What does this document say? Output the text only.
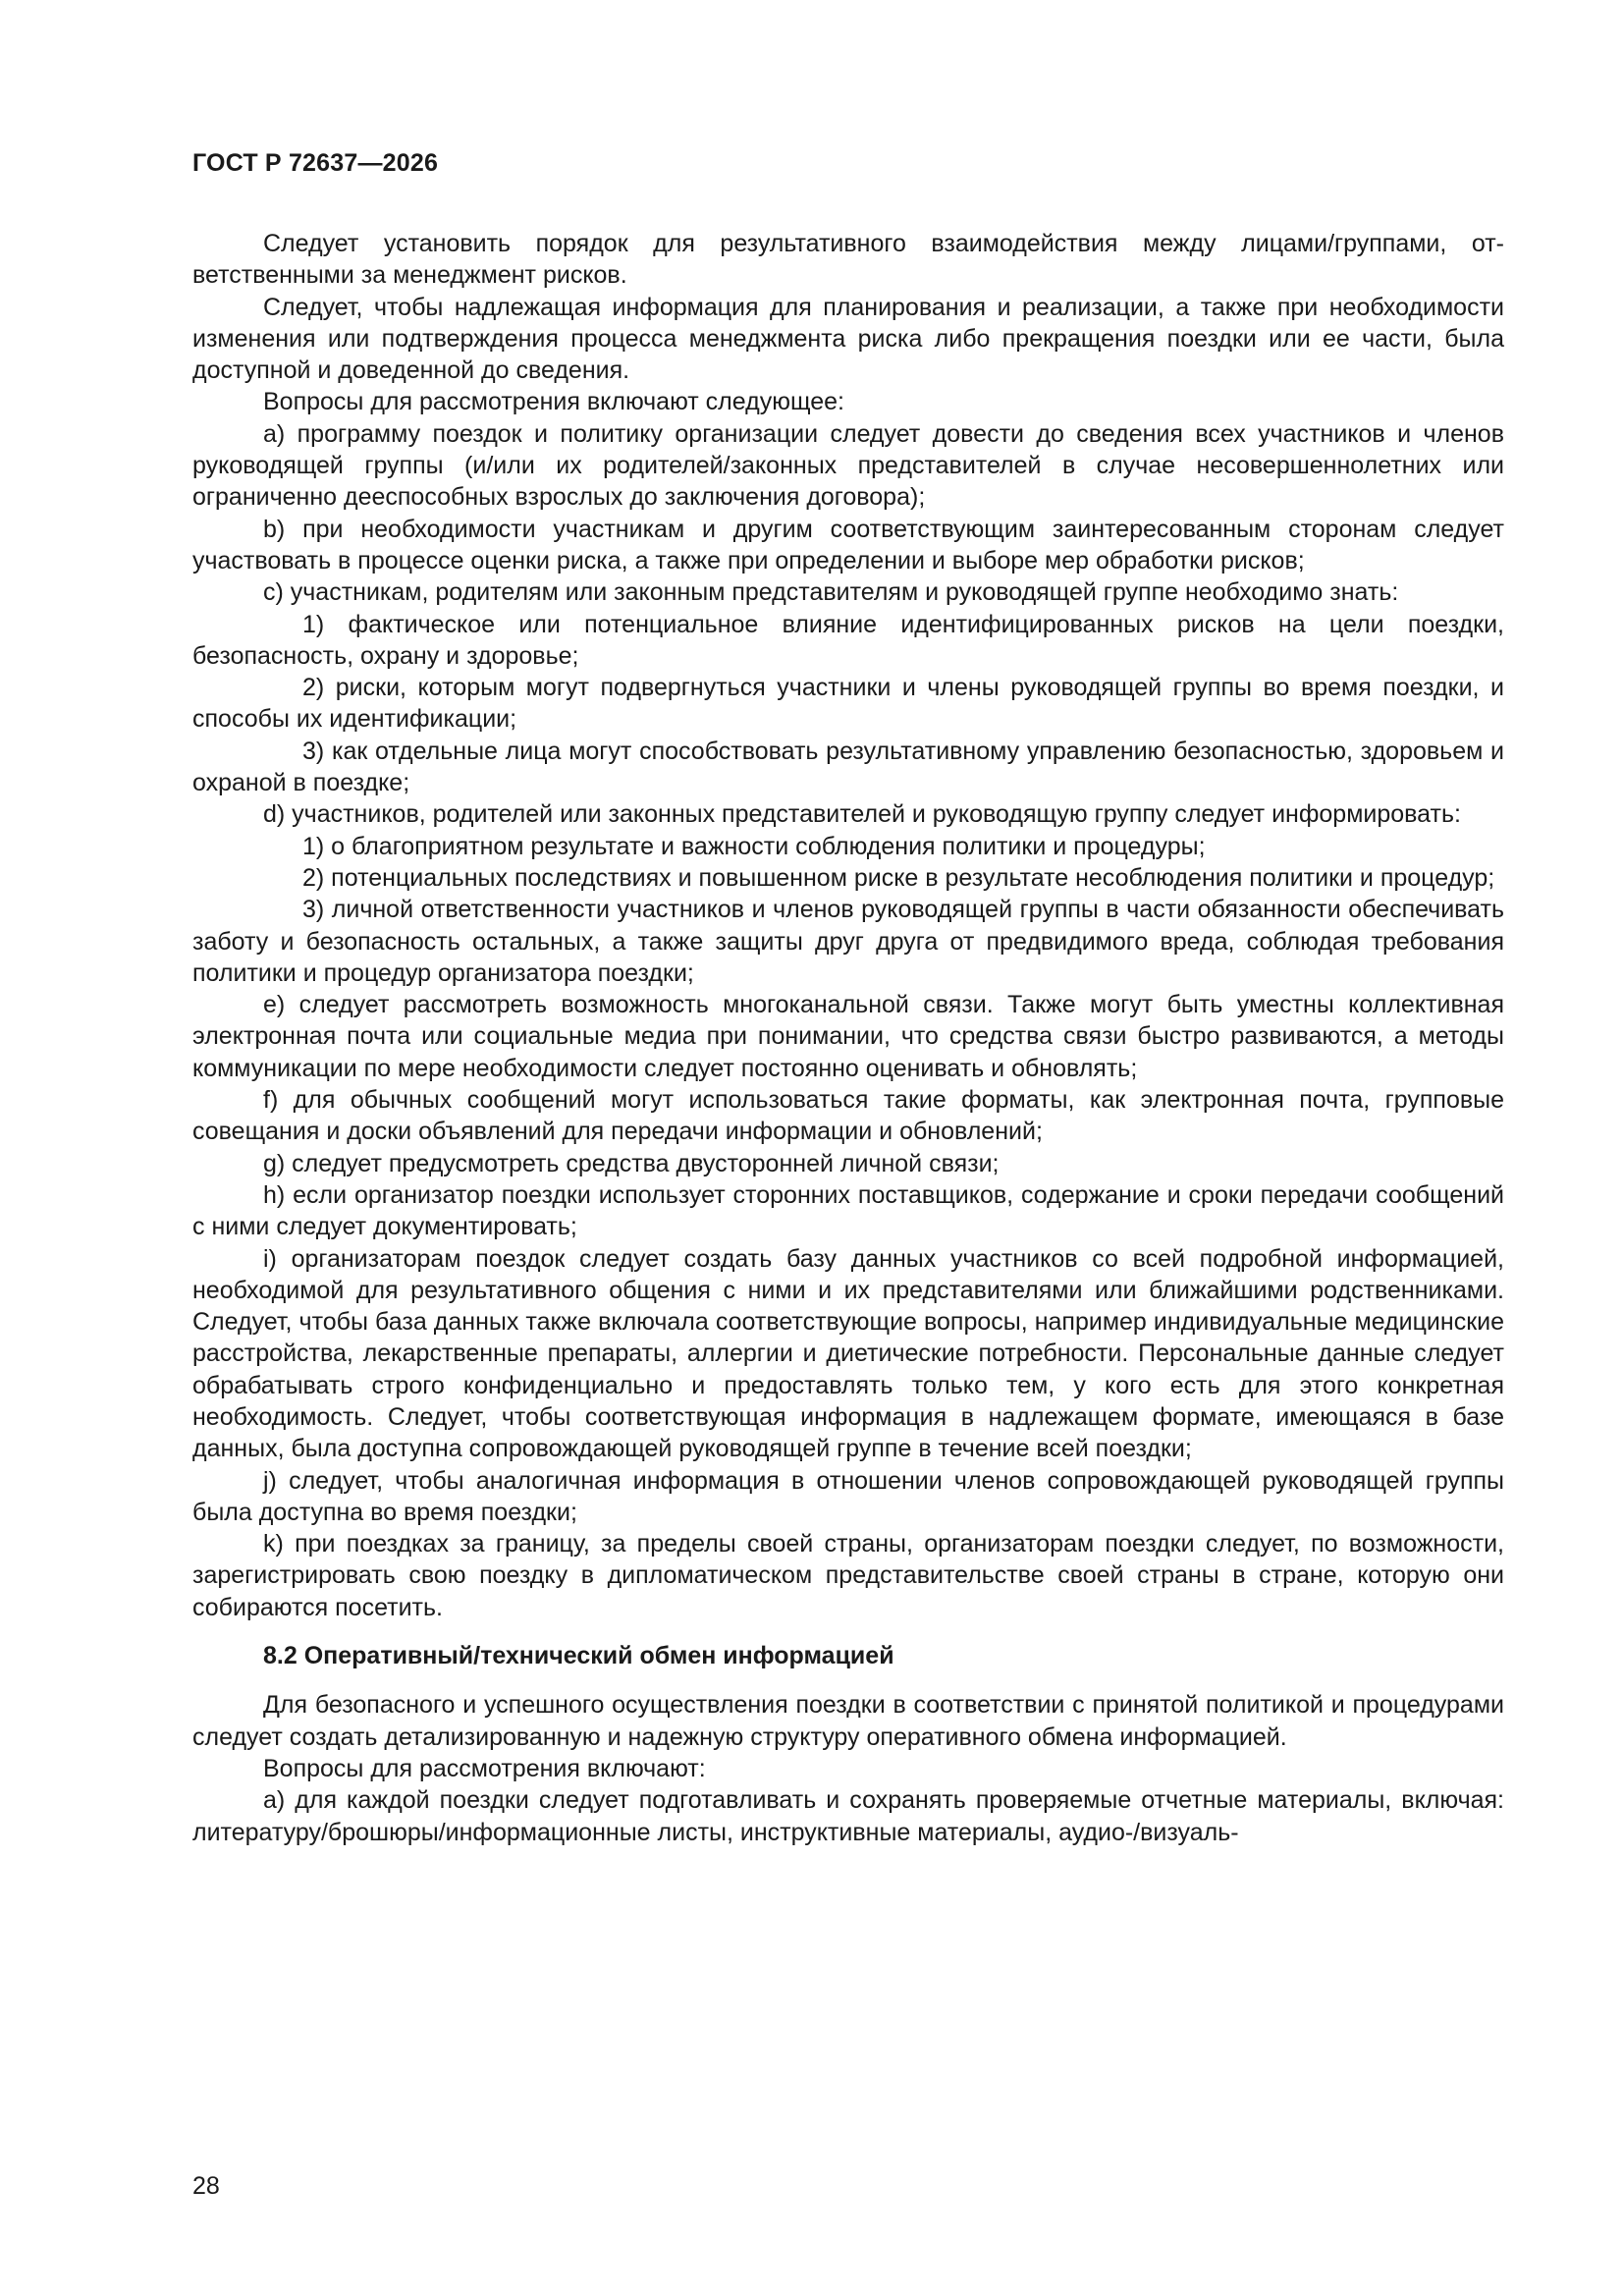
ГОСТ Р 72637—2026

Следует установить порядок для результативного взаимодействия между лицами/группами, ответственными за менеджмент рисков.

Следует, чтобы надлежащая информация для планирования и реализации, а также при необходимости изменения или подтверждения процесса менеджмента риска либо прекращения поездки или ее части, была доступной и доведенной до сведения.

Вопросы для рассмотрения включают следующее:

a) программу поездок и политику организации следует довести до сведения всех участников и членов руководящей группы (и/или их родителей/законных представителей в случае несовершеннолетних или ограниченно дееспособных взрослых до заключения договора);

b) при необходимости участникам и другим соответствующим заинтересованным сторонам следует участвовать в процессе оценки риска, а также при определении и выборе мер обработки рисков;

c) участникам, родителям или законным представителям и руководящей группе необходимо знать:

1) фактическое или потенциальное влияние идентифицированных рисков на цели поездки, безопасность, охрану и здоровье;

2) риски, которым могут подвергнуться участники и члены руководящей группы во время поездки, и способы их идентификации;

3) как отдельные лица могут способствовать результативному управлению безопасностью, здоровьем и охраной в поездке;

d) участников, родителей или законных представителей и руководящую группу следует информировать:

1) о благоприятном результате и важности соблюдения политики и процедуры;

2) потенциальных последствиях и повышенном риске в результате несоблюдения политики и процедур;

3) личной ответственности участников и членов руководящей группы в части обязанности обеспечивать заботу и безопасность остальных, а также защиты друг друга от предвидимого вреда, соблюдая требования политики и процедур организатора поездки;

e) следует рассмотреть возможность многоканальной связи. Также могут быть уместны коллективная электронная почта или социальные медиа при понимании, что средства связи быстро развиваются, а методы коммуникации по мере необходимости следует постоянно оценивать и обновлять;

f) для обычных сообщений могут использоваться такие форматы, как электронная почта, групповые совещания и доски объявлений для передачи информации и обновлений;

g) следует предусмотреть средства двусторонней личной связи;

h) если организатор поездки использует сторонних поставщиков, содержание и сроки передачи сообщений с ними следует документировать;

i) организаторам поездок следует создать базу данных участников со всей подробной информацией, необходимой для результативного общения с ними и их представителями или ближайшими родственниками. Следует, чтобы база данных также включала соответствующие вопросы, например индивидуальные медицинские расстройства, лекарственные препараты, аллергии и диетические потребности. Персональные данные следует обрабатывать строго конфиденциально и предоставлять только тем, у кого есть для этого конкретная необходимость. Следует, чтобы соответствующая информация в надлежащем формате, имеющаяся в базе данных, была доступна сопровождающей руководящей группе в течение всей поездки;

j) следует, чтобы аналогичная информация в отношении членов сопровождающей руководящей группы была доступна во время поездки;

k) при поездках за границу, за пределы своей страны, организаторам поездки следует, по возможности, зарегистрировать свою поездку в дипломатическом представительстве своей страны в стране, которую они собираются посетить.

8.2 Оперативный/технический обмен информацией

Для безопасного и успешного осуществления поездки в соответствии с принятой политикой и процедурами следует создать детализированную и надежную структуру оперативного обмена информацией.

Вопросы для рассмотрения включают:

a) для каждой поездки следует подготавливать и сохранять проверяемые отчетные материалы, включая: литературу/брошюры/информационные листы, инструктивные материалы, аудио-/визуаль-

28
